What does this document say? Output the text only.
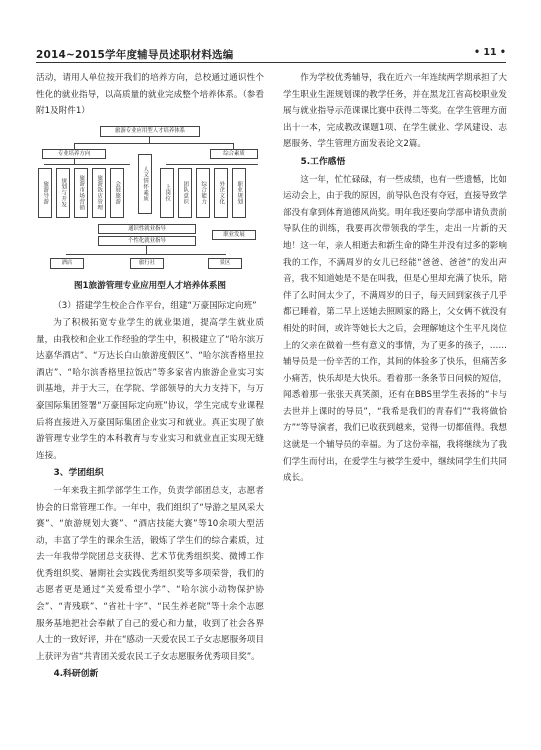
2014~2015学年度辅导员述职材料选编	• 11 •

活动，请用人单位按开我们的培养方向，总校通过通识性个性化的就业指导，以高质量的就业完成整个培养体系。（参看附1及附件1）

旅游专业应用型人才培养体系
专业培养方向	综合素质
旅游导游	规划与开发	旅游市场营销	旅游饭店管理	会展旅游	人文情怀素质	上岗位	团队意识	综合能力	外企文化	职业规划
通识性就业指导
个性化就业指导
职业发展
酒店	旅行社	景区

图1旅游管理专业应用型人才培养体系图

（3）搭建学生校企合作平台，组建“万豪国际定向班”

为了积极拓宽专业学生的就业渠道，提高学生就业质量，由我校和企业工作经验的学生中，积极建立了“哈尔滨万达嘉华酒店”、“万达长白山旅游度假区”、“哈尔滨香格里拉酒店”、“哈尔滨香格里拉饭店”等多家省内旅游企业实习实训基地，并于大三，在学院、学部领导的大力支持下，与万豪国际集团签署“万豪国际定向班”协议，学生完成专业课程后将直接进入万豪国际集团企业实习和就业。真正实现了旅游管理专业学生的本科教育与专业实习和就业直正实现无缝连接。

3、学团组织

一年来我主抓学部学生工作，负责学部团总支，志愿者协会的日常管理工作。一年中，我们组织了“导游之星风采大赛”、“旅游规划大赛”、“酒店技能大赛”等10余项大型活动，丰富了学生的课余生活，锻炼了学生们的综合素质，过去一年我带学院团总支获得、艺术节优秀组织奖、微博工作优秀组织奖、暑期社会实践优秀组织奖等多项荣誉，我们的志愿者更是通过“关爱希望小学”、“哈尔滨小动物保护协会”、“青残联”、“省社十字”、“民生养老院”等十余个志愿服务基地把社会奉献了自己的爱心和力量，收到了社会各界人士的一致好评，并在“感动一天爱农民工子女志愿服务项目上获评为省“共青团关爱农民工子女志愿服务优秀项目奖”。

4.科研创新

作为学校优秀辅导，我在近六一年连续两学期承担了大学生职业生涯规划课的教学任务，并在黑龙江省高校职业发展与就业指导示范课课比赛中获得二等奖。在学生管理方面出十一本，完成教改课题1项、在学生就业、学风建设、志愿服务、学生管理方面发表论文2篇。

5.工作感悟

这一年，忙忙碌碌，有一些成绩，也有一些遗憾，比如运动会上，由于我的原因，前导队色没有夺冠，直接导致学部没有拿到体育道德风尚奖。明年我还要向学部申请负责前导队住的训练，我要再次带领我的学生，走出一片新的天地！这一年，亲人相逝去和新生命的降生并没有过多的影响我的工作，不满周岁的女儿已经能“爸爸、爸爸”的发出声音，我不知道她是不是在叫我，但是心里却充满了快乐，陪伴了么时间太少了，不满周岁的日子，每天回到家孩子几乎都已睡着，第二早上送她去照顾家的路上，父女俩不就没有相处的时间，或许等她长大之后，会理解她这个生平凡岗位上的父亲在做着一些有意义的事情，为了更多的孩子，……辅导员是一份辛苦的工作，其间的体验多了快乐，但痛苦多小痛苦，快乐却是大快乐。看着那一条条节日问候的短信，闻悉着那一张张天真笑颜，还有在BBS里学生表扬的“卡与去世并上课时的导员”，“我希是我们的青春们”“我将做恰方”“等导演者，我们已收获到越来，觉得一切都值得。我想这就是一个辅导员的幸福。为了这份幸福，我将继续为了我们学生而付出，在爱学生与被学生爱中，继续同学生们共同成长。
